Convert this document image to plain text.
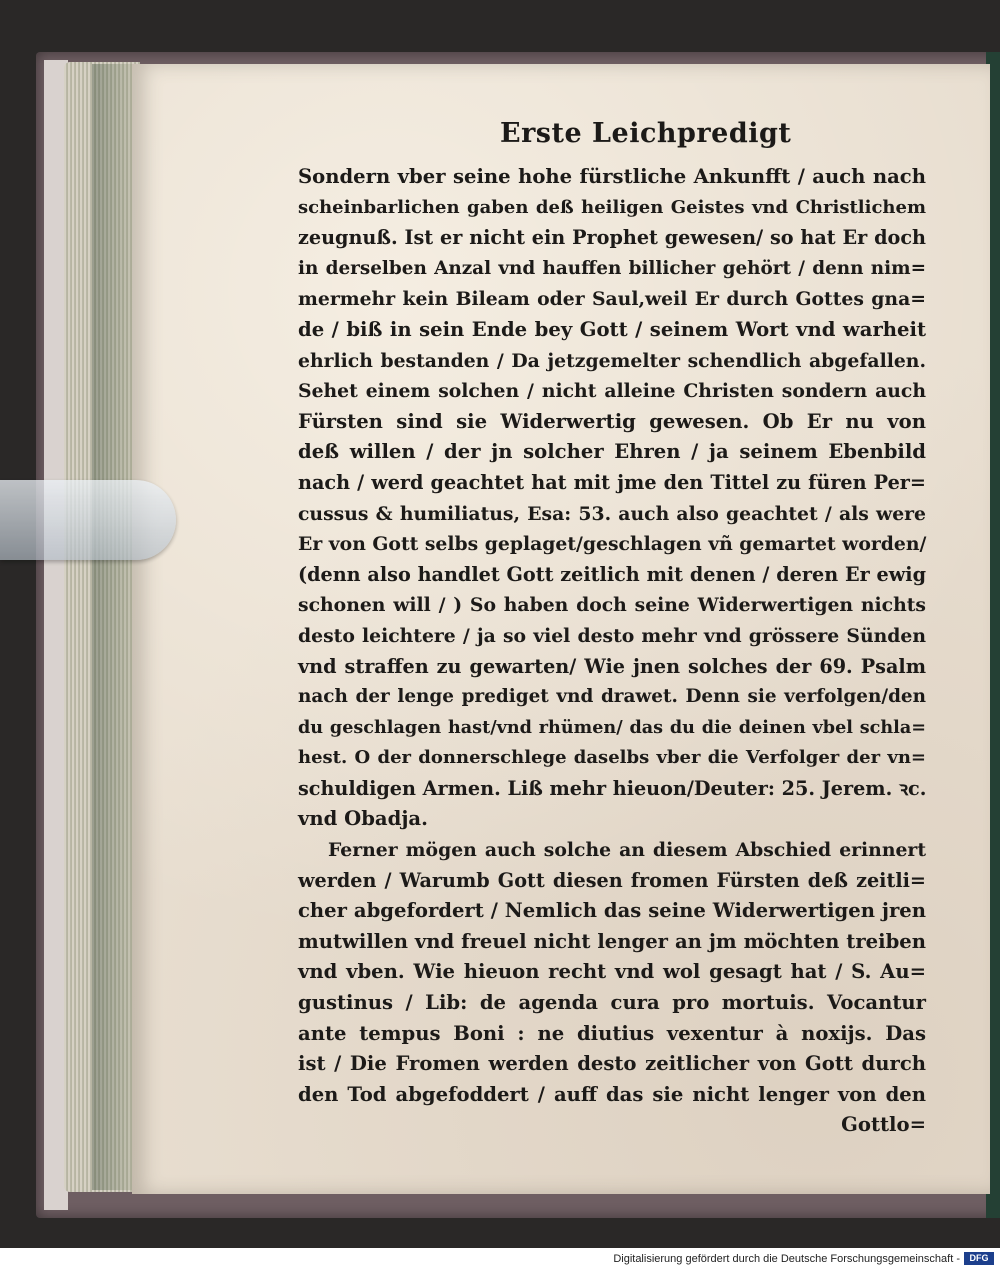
Erste Leichpredigt
Sondern vber seine hohe fürstliche Ankunfft / auch nach
scheinbarlichen gaben deß heiligen Geistes vnd Christlichem
zeugnuß. Ist er nicht ein Prophet gewesen/ so hat Er doch
in derselben Anzal vnd hauffen billicher gehört / denn nim=
mermehr kein Bileam oder Saul,weil Er durch Gottes gna=
de / biß in sein Ende bey Gott / seinem Wort vnd warheit
ehrlich bestanden / Da jetzgemelter schendlich abgefallen.
Sehet einem solchen / nicht alleine Christen sondern auch
Fürsten sind sie Widerwertig gewesen. Ob Er nu von
deß willen / der jn solcher Ehren / ja seinem Ebenbild
nach / werd geachtet hat mit jme den Tittel zu füren Per=
cussus & humiliatus, Esa: 53. auch also geachtet / als were
Er von Gott selbs geplaget/geschlagen vñ gemartet worden/
(denn also handlet Gott zeitlich mit denen / deren Er ewig
schonen will / ) So haben doch seine Widerwertigen nichts
desto leichtere / ja so viel desto mehr vnd grössere Sünden
vnd straffen zu gewarten/ Wie jnen solches der 69. Psalm
nach der lenge prediget vnd drawet. Denn sie verfolgen/den
du geschlagen hast/vnd rhümen/ das du die deinen vbel schla=
hest. O der donnerschlege daselbs vber die Verfolger der vn=
schuldigen Armen. Liß mehr hieuon/Deuter: 25. Jerem. ꝛc.
vnd Obadja.
Ferner mögen auch solche an diesem Abschied erinnert
werden / Warumb Gott diesen fromen Fürsten deß zeitli=
cher abgefordert / Nemlich das seine Widerwertigen jren
mutwillen vnd freuel nicht lenger an jm möchten treiben
vnd vben. Wie hieuon recht vnd wol gesagt hat / S. Au=
gustinus / Lib: de agenda cura pro mortuis. Vocantur
ante tempus Boni : ne diutius vexentur à noxijs. Das
ist / Die Fromen werden desto zeitlicher von Gott durch
den Tod abgefoddert / auff das sie nicht lenger von den
Gottlo=
Digitalisierung gefördert durch die Deutsche Forschungsgemeinschaft -	DFG
